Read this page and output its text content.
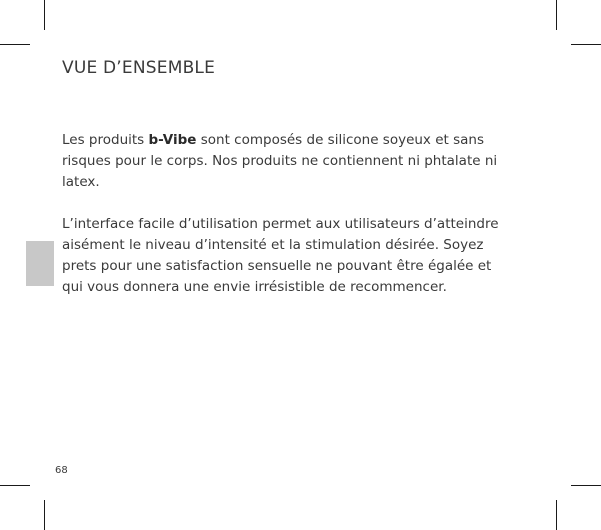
VUE D’ENSEMBLE

Les produits b-Vibe sont composés de silicone soyeux et sans risques pour le corps. Nos produits ne contiennent ni phtalate ni latex.

L’interface facile d’utilisation permet aux utilisateurs d’atteindre aisément le niveau d’intensité et la stimulation désirée. Soyez prets pour une satisfaction sensuelle ne pouvant être égalée et qui vous donnera une envie irrésistible de recommencer.

68
